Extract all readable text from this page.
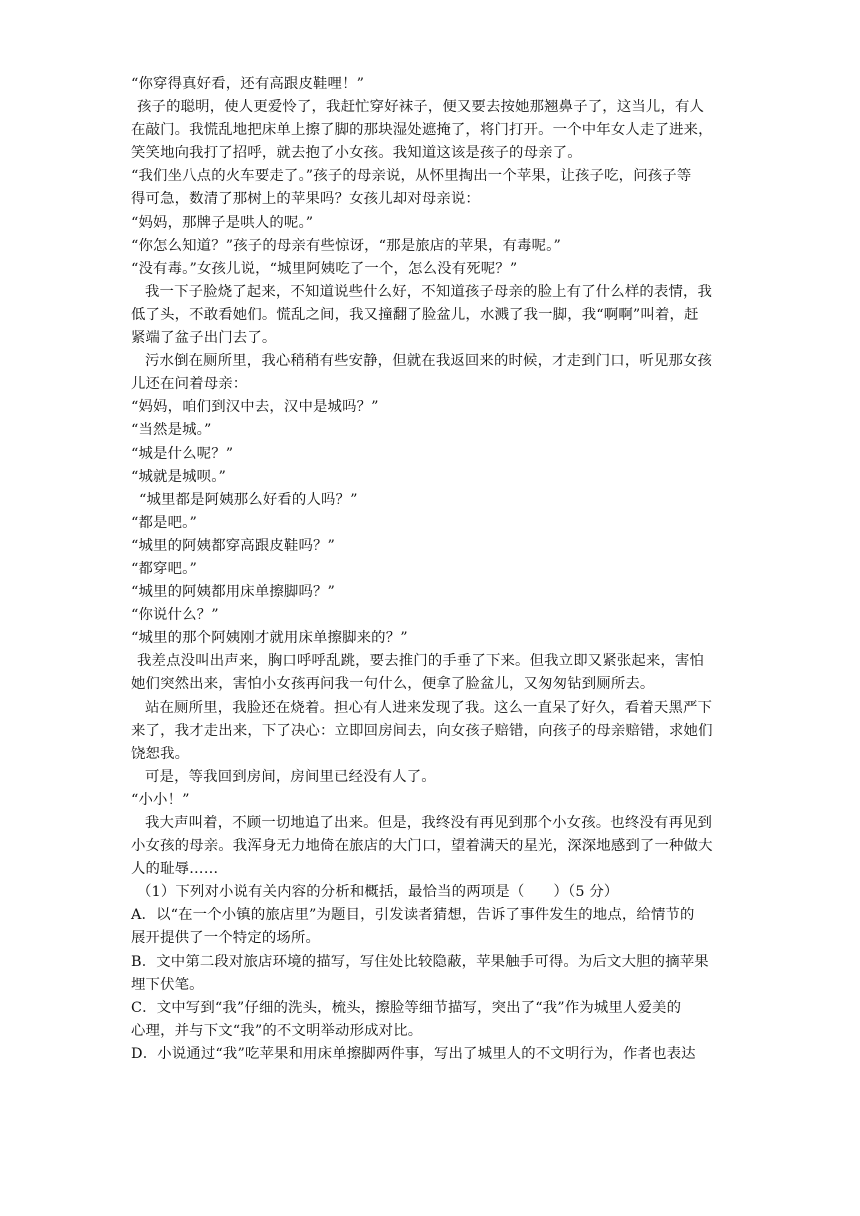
“你穿得真好看，还有高跟皮鞋哩！”
孩子的聪明，使人更爱怜了，我赶忙穿好袜子，便又要去按她那翘鼻子了，这当儿，有人
在敲门。我慌乱地把床单上擦了脚的那块湿处遮掩了，将门打开。一个中年女人走了进来，
笑笑地向我打了招呼，就去抱了小女孩。我知道这该是孩子的母亲了。
“我们坐八点的火车要走了。”孩子的母亲说，从怀里掏出一个苹果，让孩子吃，问孩子等
得可急，数清了那树上的苹果吗？女孩儿却对母亲说：
“妈妈，那牌子是哄人的呢。”
“你怎么知道？”孩子的母亲有些惊讶，“那是旅店的苹果，有毒呢。”
“没有毒。”女孩儿说，“城里阿姨吃了一个，怎么没有死呢？”
我一下子脸烧了起来，不知道说些什么好，不知道孩子母亲的脸上有了什么样的表情，我
低了头，不敢看她们。慌乱之间，我又撞翻了脸盆儿，水溅了我一脚，我“啊啊”叫着，赶
紧端了盆子出门去了。
污水倒在厕所里，我心稍稍有些安静，但就在我返回来的时候，才走到门口，听见那女孩
儿还在问着母亲：
“妈妈，咱们到汉中去，汉中是城吗？”
“当然是城。”
“城是什么呢？”
“城就是城呗。”
“城里都是阿姨那么好看的人吗？”
“都是吧。”
“城里的阿姨都穿高跟皮鞋吗？”
“都穿吧。”
“城里的阿姨都用床单擦脚吗？”
“你说什么？”
“城里的那个阿姨刚才就用床单擦脚来的？”
我差点没叫出声来，胸口呼呼乱跳，要去推门的手垂了下来。但我立即又紧张起来，害怕
她们突然出来，害怕小女孩再问我一句什么，便拿了脸盆儿，又匆匆钻到厕所去。
站在厕所里，我脸还在烧着。担心有人进来发现了我。这么一直呆了好久，看着天黑严下
来了，我才走出来，下了决心：立即回房间去，向女孩子赔错，向孩子的母亲赔错，求她们
饶恕我。
可是，等我回到房间，房间里已经没有人了。
“小小！”
我大声叫着，不顾一切地追了出来。但是，我终没有再见到那个小女孩。也终没有再见到
小女孩的母亲。我浑身无力地倚在旅店的大门口，望着满天的星光，深深地感到了一种做大
人的耻辱……
（1）下列对小说有关内容的分析和概括，最恰当的两项是（　　）（5 分）
A．以“在一个小镇的旅店里”为题目，引发读者猜想，告诉了事件发生的地点，给情节的
展开提供了一个特定的场所。
B．文中第二段对旅店环境的描写，写住处比较隐蔽，苹果触手可得。为后文大胆的摘苹果
埋下伏笔。
C．文中写到“我”仔细的洗头，梳头，擦脸等细节描写，突出了“我”作为城里人爱美的
心理，并与下文“我”的不文明举动形成对比。
D．小说通过“我”吃苹果和用床单擦脚两件事，写出了城里人的不文明行为，作者也表达
